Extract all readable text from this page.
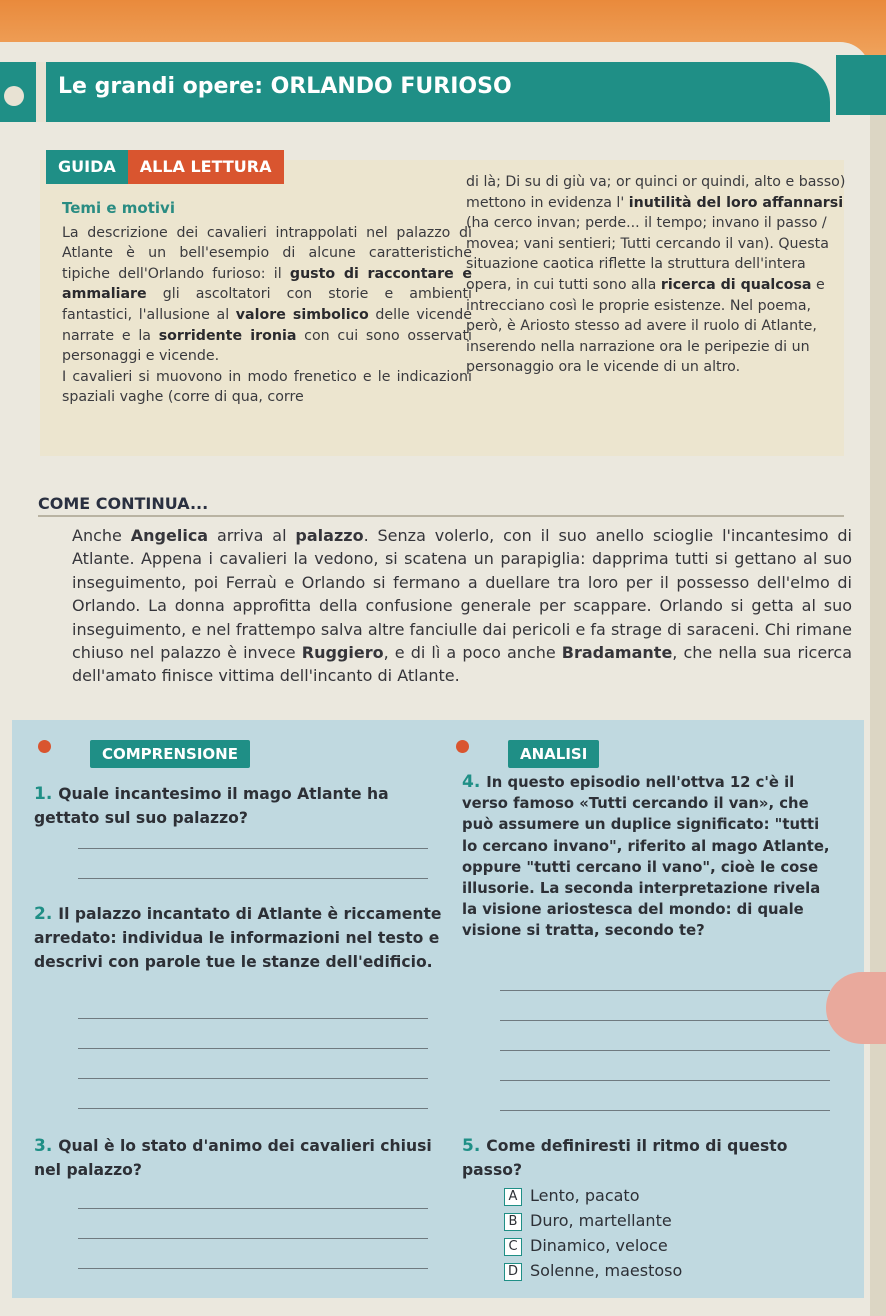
Le grandi opere: ORLANDO FURIOSO
Temi e motivi
La descrizione dei cavalieri intrappolati nel palazzo di Atlante è un bell'esempio di alcune caratteristiche tipiche dell'Orlando furioso: il gusto di raccontare e ammaliare gli ascoltatori con storie e ambienti fantastici, l'allusione al valore simbolico delle vicende narrate e la sorridente ironia con cui sono osservati personaggi e vicende.
I cavalieri si muovono in modo frenetico e le indicazioni spaziali vaghe (corre di qua, corre
di là; Di su di giù va; or quinci or quindi, alto e basso) mettono in evidenza l' inutilità del loro affannarsi (ha cerco invan; perde... il tempo; invano il passo / movea; vani sentieri; Tutti cercando il van). Questa situazione caotica riflette la struttura dell'intera opera, in cui tutti sono alla ricerca di qualcosa e intrecciano così le proprie esistenze. Nel poema, però, è Ariosto stesso ad avere il ruolo di Atlante, inserendo nella narrazione ora le peripezie di un personaggio ora le vicende di un altro.
GUIDA	ALLA LETTURA
COME CONTINUA...
Anche Angelica arriva al palazzo. Senza volerlo, con il suo anello scioglie l'incantesimo di Atlante. Appena i cavalieri la vedono, si scatena un parapiglia: dapprima tutti si gettano al suo inseguimento, poi Ferraù e Orlando si fermano a duellare tra loro per il possesso dell'elmo di Orlando. La donna approfitta della confusione generale per scappare. Orlando si getta al suo inseguimento, e nel frattempo salva altre fanciulle dai pericoli e fa strage di saraceni. Chi rimane chiuso nel palazzo è invece Ruggiero, e di lì a poco anche Bradamante, che nella sua ricerca dell'amato finisce vittima dell'incanto di Atlante.
COMPRENSIONE	ANALISI
1. Quale incantesimo il mago Atlante ha gettato sul suo palazzo?
2. Il palazzo incantato di Atlante è riccamente arredato: individua le informazioni nel testo e descrivi con parole tue le stanze dell'edificio.
3. Qual è lo stato d'animo dei cavalieri chiusi nel palazzo?
4. In questo episodio nell'ottva 12 c'è il verso famoso «Tutti cercando il van», che può assumere un duplice significato: "tutti lo cercano invano", riferito al mago Atlante, oppure "tutti cercano il vano", cioè le cose illusorie. La seconda interpretazione rivela la visione ariostesca del mondo: di quale visione si tratta, secondo te?
5. Come definiresti il ritmo di questo passo?
A Lento, pacato
B Duro, martellante
C Dinamico, veloce
D Solenne, maestoso
